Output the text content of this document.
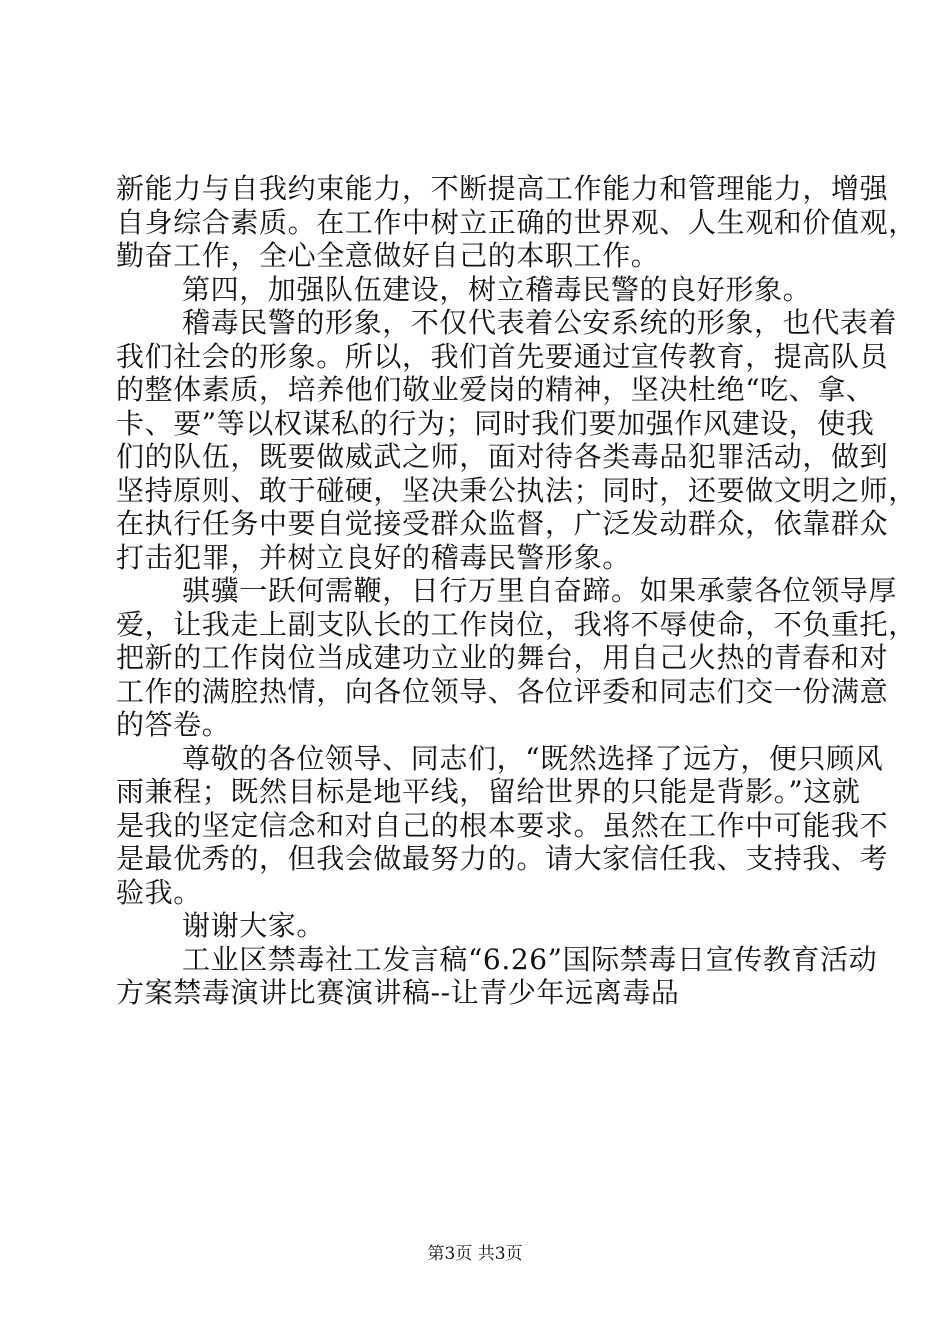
新能力与自我约束能力，不断提高工作能力和管理能力，增强
自身综合素质。在工作中树立正确的世界观、人生观和价值观，
勤奋工作，全心全意做好自己的本职工作。
第四，加强队伍建设，树立稽毒民警的良好形象。
稽毒民警的形象，不仅代表着公安系统的形象，也代表着
我们社会的形象。所以，我们首先要通过宣传教育，提高队员
的整体素质，培养他们敬业爱岗的精神，坚决杜绝“吃、拿、
卡、要”等以权谋私的行为；同时我们要加强作风建设，使我
们的队伍，既要做威武之师，面对待各类毒品犯罪活动，做到
坚持原则、敢于碰硬，坚决秉公执法；同时，还要做文明之师，
在执行任务中要自觉接受群众监督，广泛发动群众，依靠群众
打击犯罪，并树立良好的稽毒民警形象。
骐骥一跃何需鞭，日行万里自奋蹄。如果承蒙各位领导厚
爱，让我走上副支队长的工作岗位，我将不辱使命，不负重托，
把新的工作岗位当成建功立业的舞台，用自己火热的青春和对
工作的满腔热情，向各位领导、各位评委和同志们交一份满意
的答卷。
尊敬的各位领导、同志们，“既然选择了远方，便只顾风
雨兼程；既然目标是地平线，留给世界的只能是背影。”这就
是我的坚定信念和对自己的根本要求。虽然在工作中可能我不
是最优秀的，但我会做最努力的。请大家信任我、支持我、考
验我。
谢谢大家。
工业区禁毒社工发言稿“6.26”国际禁毒日宣传教育活动
方案禁毒演讲比赛演讲稿--让青少年远离毒品
第3页 共3页
